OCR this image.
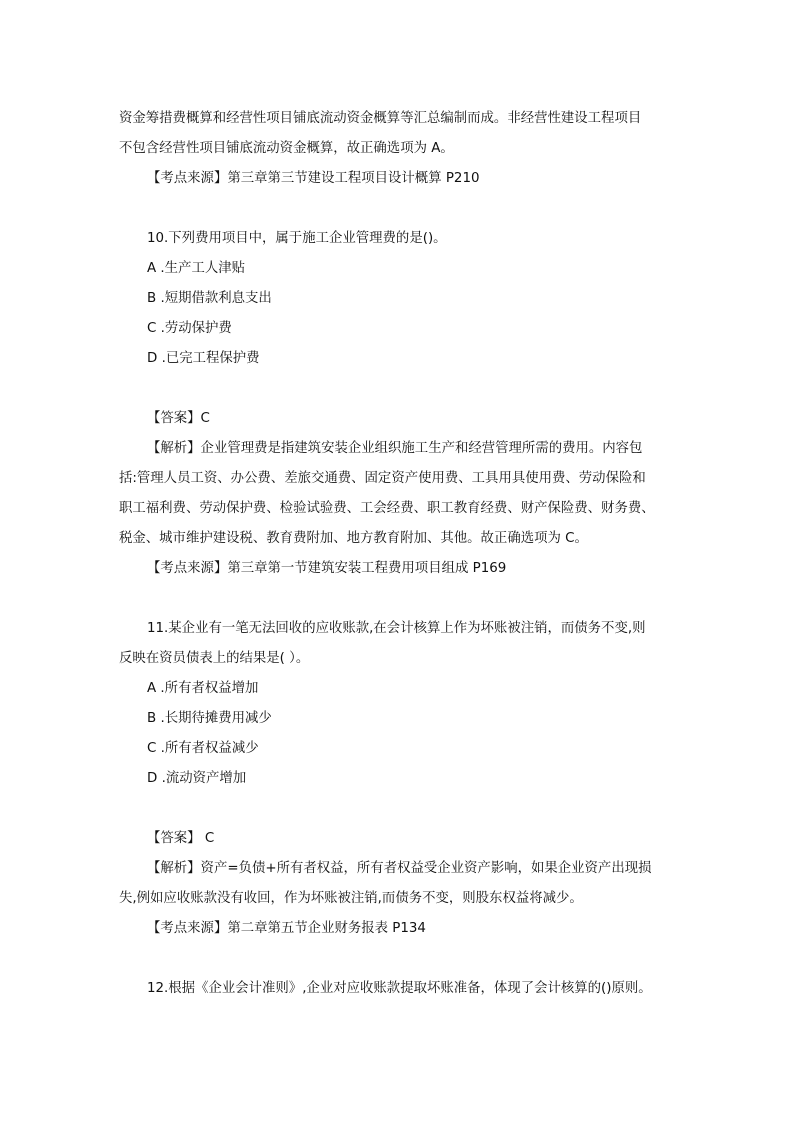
资金筹措费概算和经营性项目铺底流动资金概算等汇总编制而成。非经营性建设工程项目

不包含经营性项目铺底流动资金概算，故正确选项为 A。

【考点来源】第三章第三节建设工程项目设计概算 P210

10.下列费用项目中，属于施工企业管理费的是()。

A .生产工人津贴

B .短期借款利息支出

C .劳动保护费

D .已完工程保护费

【答案】C

【解析】企业管理费是指建筑安装企业组织施工生产和经营管理所需的费用。内容包

括:管理人员工资、办公费、差旅交通费、固定资产使用费、工具用具使用费、劳动保险和

职工福利费、劳动保护费、检验试验费、工会经费、职工教育经费、财产保险费、财务费、

税金、城市维护建设税、教育费附加、地方教育附加、其他。故正确选项为 C。

【考点来源】第三章第一节建筑安装工程费用项目组成 P169

11.某企业有一笔无法回收的应收账款,在会计核算上作为坏账被注销，而债务不变,则

反映在资员债表上的结果是( ）。

A .所有者权益增加

B .长期待摊费用减少

C .所有者权益减少

D .流动资产增加

【答案】 C

【解析】资产=负债+所有者权益，所有者权益受企业资产影响，如果企业资产出现损

失,例如应收账款没有收回，作为坏账被注销,而债务不变，则股东权益将减少。

【考点来源】第二章第五节企业财务报表 P134

12.根据《企业会计准则》,企业对应收账款提取坏账准备，体现了会计核算的()原则。
